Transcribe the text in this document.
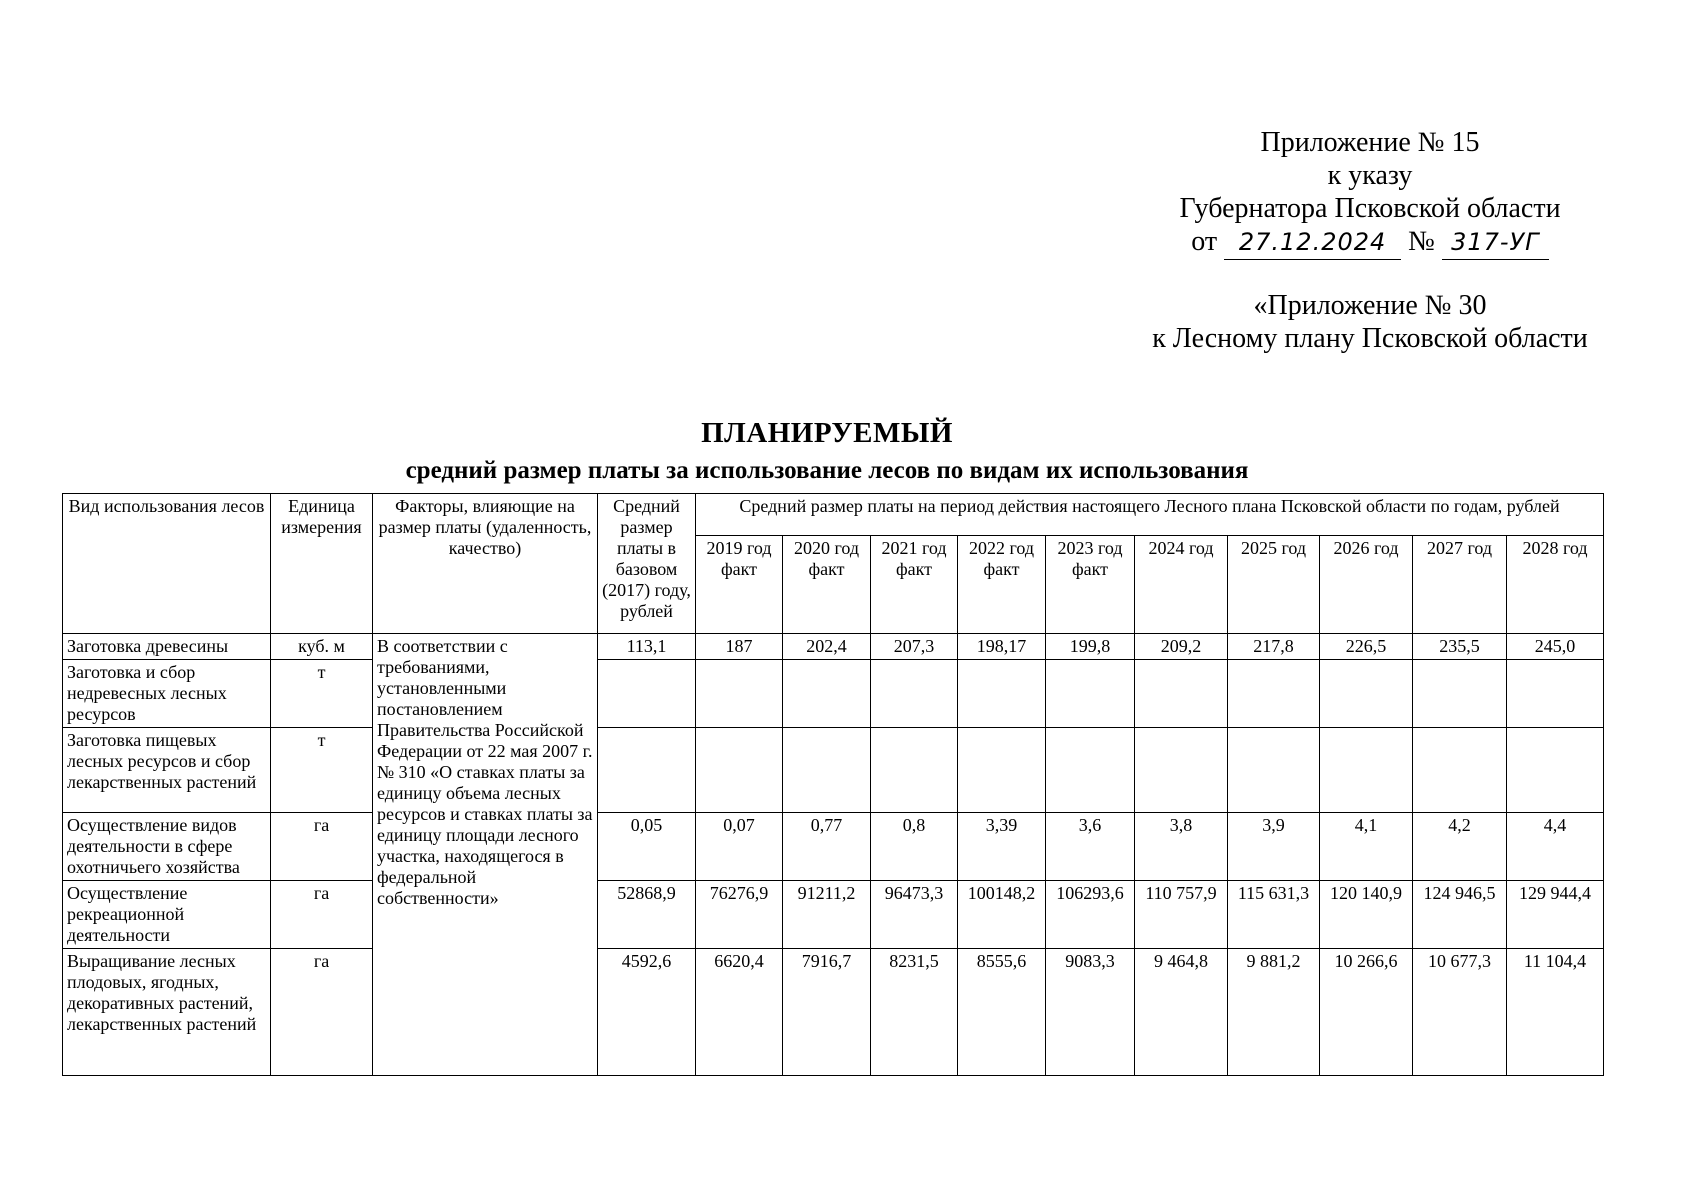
Приложение № 15
к указу
Губернатора Псковской области
от 27.12.2024 № 317-УГ
«Приложение № 30
к Лесному плану Псковской области
ПЛАНИРУЕМЫЙ
средний размер платы за использование лесов по видам их использования
Вид использования лесов	Единица измерения	Факторы, влияющие на размер платы (удаленность, качество)	Средний размер платы в базовом (2017) году, рублей	Средний размер платы на период действия настоящего Лесного плана Псковской области по годам, рублей									
				2019 год факт	2020 год факт	2021 год факт	2022 год факт	2023 год факт	2024 год	2025 год	2026 год	2027 год	2028 год
Заготовка древесины	куб. м	В соответствии с требованиями, установленными постановлением Правительства Российской Федерации от 22 мая 2007 г. № 310 «О ставках платы за единицу объема лесных ресурсов и ставках платы за единицу площади лесного участка, находящегося в федеральной собственности»	113,1	187	202,4	207,3	198,17	199,8	209,2	217,8	226,5	235,5	245,0
Заготовка и сбор недревесных лесных ресурсов	т												
Заготовка пищевых лесных ресурсов и сбор лекарственных растений	т												
Осуществление видов деятельности в сфере охотничьего хозяйства	га		0,05	0,07	0,77	0,8	3,39	3,6	3,8	3,9	4,1	4,2	4,4
Осуществление рекреационной деятельности	га		52868,9	76276,9	91211,2	96473,3	100148,2	106293,6	110 757,9	115 631,3	120 140,9	124 946,5	129 944,4
Выращивание лесных плодовых, ягодных, декоративных растений, лекарственных растений	га		4592,6	6620,4	7916,7	8231,5	8555,6	9083,3	9 464,8	9 881,2	10 266,6	10 677,3	11 104,4
